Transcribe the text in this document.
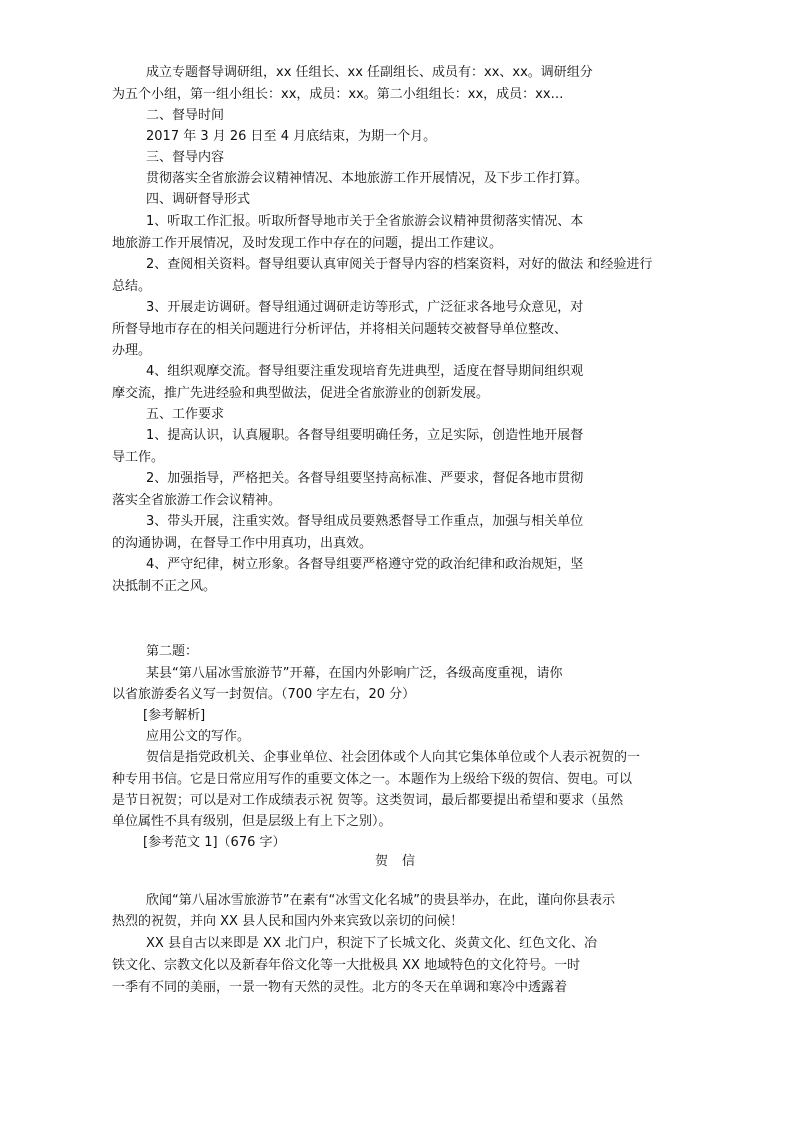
成立专题督导调研组，xx 任组长、xx 任副组长、成员有：xx、xx。调研组分

为五个小组，第一组小组长：xx，成员：xx。第二小组组长：xx，成员：xx…

二、督导时间

2017 年 3 月 26 日至 4 月底结束，为期一个月。

三、督导内容

贯彻落实全省旅游会议精神情况、本地旅游工作开展情况，及下步工作打算。

四、调研督导形式

1、听取工作汇报。听取所督导地市关于全省旅游会议精神贯彻落实情况、本

地旅游工作开展情况，及时发现工作中存在的问题，提出工作建议。

2、查阅相关资料。督导组要认真审阅关于督导内容的档案资料，对好的做法 和经验进行

总结。

3、开展走访调研。督导组通过调研走访等形式，广泛征求各地号众意见，对

所督导地市存在的相关问题进行分析评估，并将相关问题转交被督导单位整改、

办理。

4、组织观摩交流。督导组要注重发现培育先进典型，适度在督导期间组织观

摩交流，推广先进经验和典型做法，促进全省旅游业的创新发展。

五、工作要求

1、提高认识，认真履职。各督导组要明确任务，立足实际，创造性地开展督

导工作。

2、加强指导，严格把关。各督导组要坚持高标准、严要求，督促各地市贯彻

落实全省旅游工作会议精神。

3、带头开展，注重实效。督导组成员要熟悉督导工作重点，加强与相关单位

的沟通协调，在督导工作中用真功，出真效。

4、严守纪律，树立形象。各督导组要严格遵守党的政治纪律和政治规矩，坚

决抵制不正之风。

第二题：

某县“第八届冰雪旅游节”开幕，在国内外影响广泛，各级高度重视，请你

以省旅游委名义写一封贺信。（700 字左右，20 分）

[参考解析]

应用公文的写作。

贺信是指党政机关、企事业单位、社会团体或个人向其它集体单位或个人表示祝贺的一

种专用书信。它是日常应用写作的重要文体之一。本题作为上级给下级的贺信、贺电。可以

是节日祝贺；可以是对工作成绩表示祝 贺等。这类贺词，最后都要提出希望和要求（虽然

单位属性不具有级别，但是层级上有上下之别）。

[参考范文 1]（676 字）

贺信

欣闻“第八届冰雪旅游节”在素有“冰雪文化名城”的贵县举办，在此，谨向你县表示

热烈的祝贺，并向 XX 县人民和国内外来宾致以亲切的问候！

XX 县自古以来即是 XX 北门户，积淀下了长城文化、炎黄文化、红色文化、冶

铁文化、宗教文化以及新春年俗文化等一大批极具 XX 地域特色的文化符号。一时

一季有不同的美丽，一景一物有天然的灵性。北方的冬天在单调和寒冷中透露着
